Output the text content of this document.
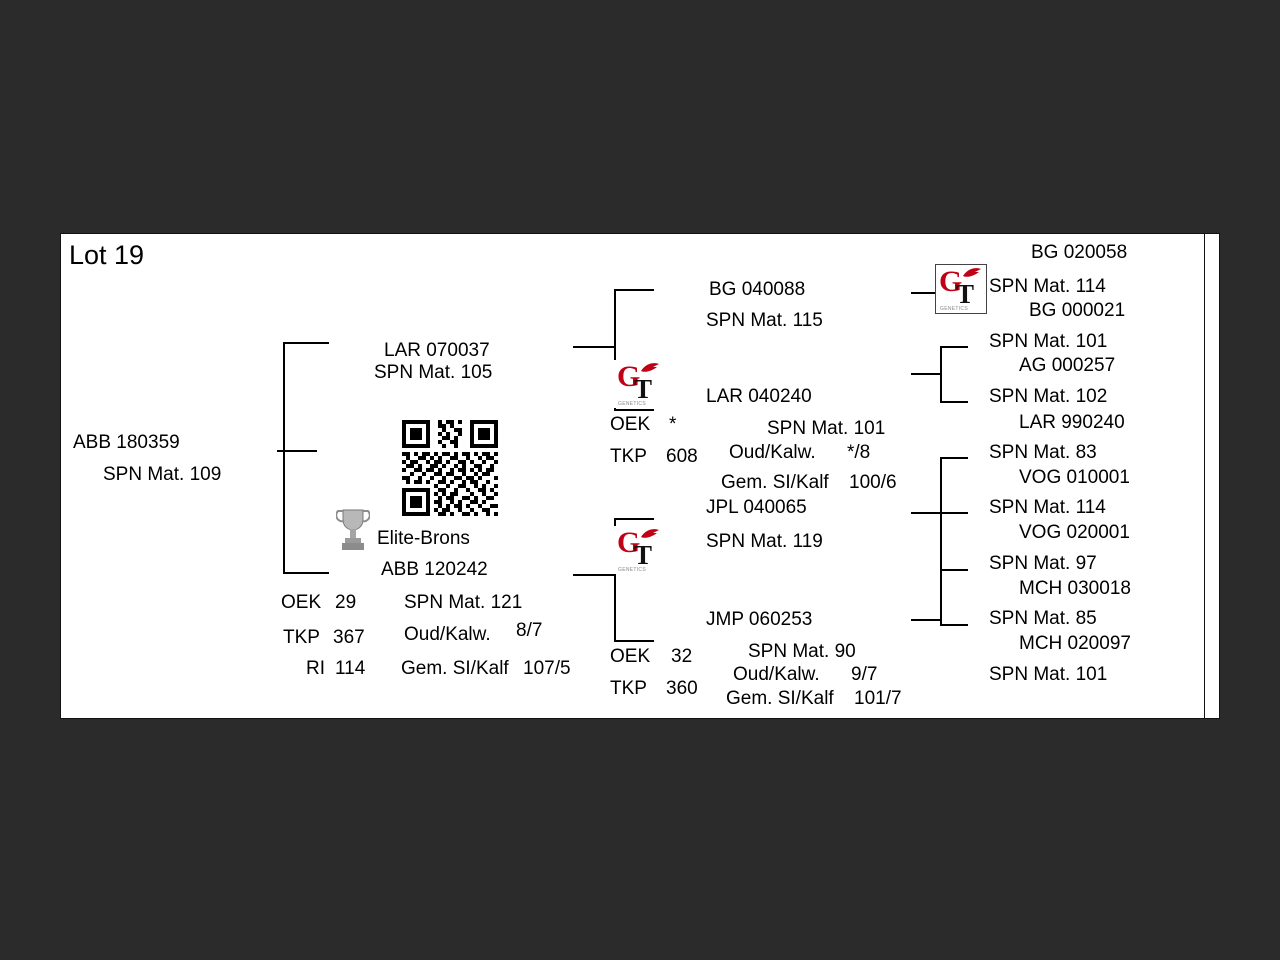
Lot 19
ABB 180359
SPN Mat. 109
OEK 29
TKP 367
RI 114
SPN Mat. 121
Oud/Kalw. 8/7
Gem. SI/Kalf 107/5
LAR 070037
SPN Mat. 105
ABB 120242
Elite-Brons
G
T
GENETICS
BG 040088
SPN Mat. 115
OEK *
TKP 608
LAR 040240
SPN Mat. 101
Oud/Kalw. */8
Gem. SI/Kalf 100/6
G
T
GENETICS
JPL 040065
SPN Mat. 119
OEK 32
TKP 360
JMP 060253
SPN Mat. 90
Oud/Kalw. 9/7
Gem. SI/Kalf 101/7
G
T
GENETICS
BG 020058
SPN Mat. 114
BG 000021
SPN Mat. 101
AG 000257
SPN Mat. 102
LAR 990240
SPN Mat. 83
VOG 010001
SPN Mat. 114
VOG 020001
SPN Mat. 97
MCH 030018
SPN Mat. 85
MCH 020097
SPN Mat. 101
